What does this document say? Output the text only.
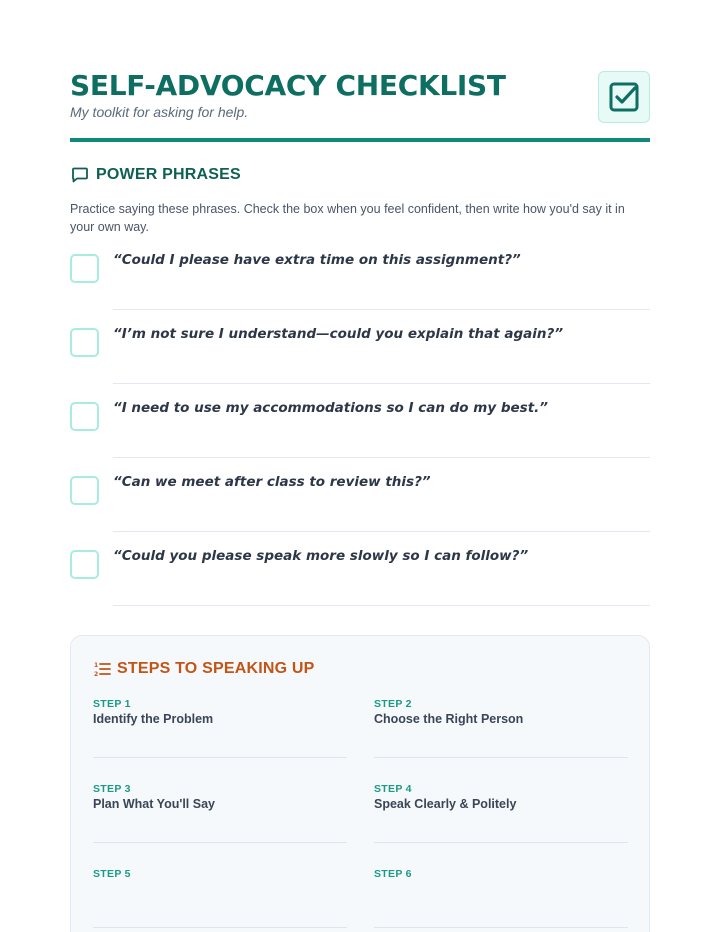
SELF-ADVOCACY CHECKLIST
My toolkit for asking for help.
POWER PHRASES

Practice saying these phrases. Check the box when you feel confident, then write how you'd say it in your own way.

“Could I please have extra time on this assignment?”
“I’m not sure I understand—could you explain that again?”
“I need to use my accommodations so I can do my best.”
“Can we meet after class to review this?”
“Could you please speak more slowly so I can follow?”
1
2 STEPS TO SPEAKING UP
STEP 1
Identify the Problem
STEP 2
Choose the Right Person
STEP 3
Plan What You'll Say
STEP 4
Speak Clearly & Politely
STEP 5	STEP 6
